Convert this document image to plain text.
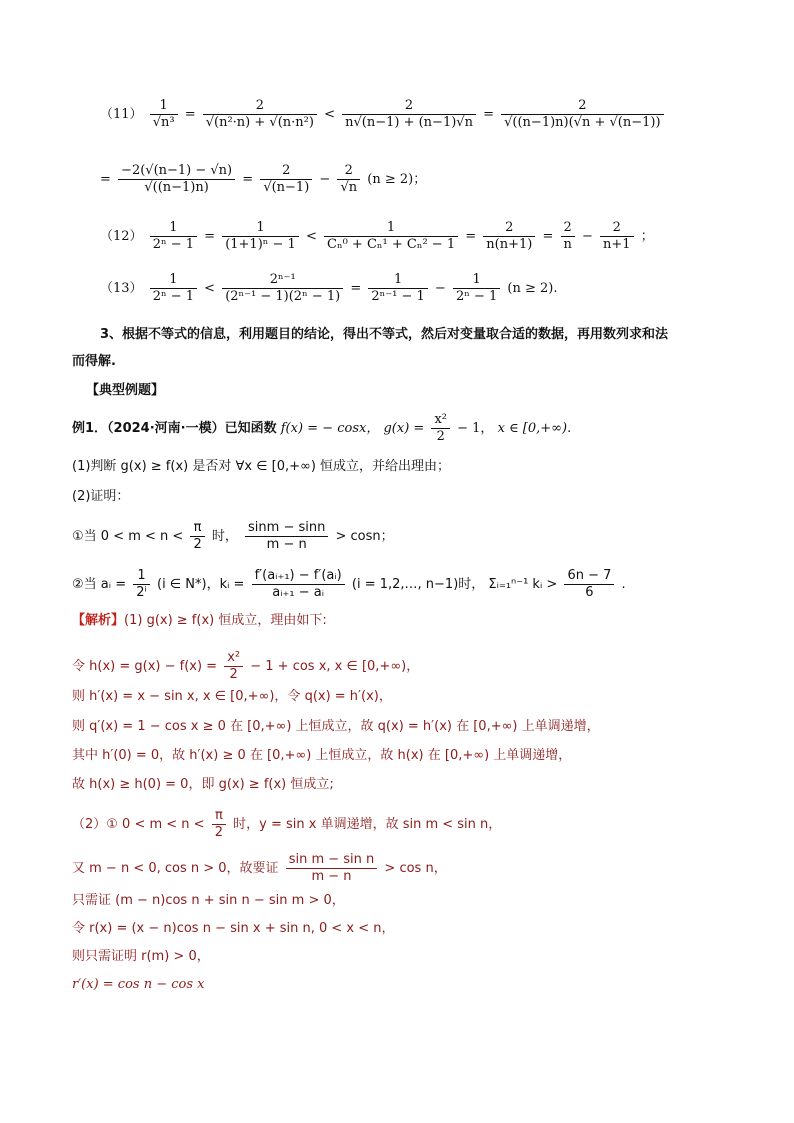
$(11) \frac{1}{\text{√n³}} = \frac{2}{\text{√(n²·n) + √(n·n²)}} < \frac{2}{n√(n-1) + (n-1)√n} = \frac{2}{√((n-1)n)(√n + √(n-1))}$
= $\frac{-2(√(n-1) - √n)}{√((n-1)n)} = \frac{2}{√(n-1)} - \frac{2}{√n} (n \ge 2)$；
$(12) \frac{1}{\text{2ⁿ − 1}} = \frac{1}{\text{(1+1)ⁿ − 1}} < \frac{1}{\text{Cₙ⁰ + Cₙ¹ + Cₙ² − 1}} = \frac{2}{n(n+1)} = \frac{2}{n} - \frac{2}{n+1}$ ；
$(13) \frac{1}{\text{2ⁿ − 1}} < \frac{\text{2ⁿ⁻¹}}{\text{(2ⁿ⁻¹ − 1)(2ⁿ − 1)}} = \frac{1}{\text{2ⁿ⁻¹ − 1}} - \frac{1}{\text{2ⁿ − 1}} (n \ge 2)$.
3、根据不等式的信息，利用题目的结论，得出不等式，然后对变量取合适的数据，再用数列求和法
而得解.
【典型例题】
例1．（2024·河南·一模）已知函数 f(x) = − cosx， $g(x) = \frac{\text{x²}}{2} - 1$， x ∈ [0,+∞).
(1)判断 g(x) ≥ f(x) 是否对 ∀x ∈ [0,+∞) 恒成立，并给出理由；
(2)证明：
①当 $0 < m < n < \frac{\pi}{2}$ 时， $\frac{\sin m - \sin n}{m - n} > \cos n$；
②当 aᵢ = $\frac{1}{\text{2ⁱ}} (i$ ∈ N*)，kᵢ = $\frac{\text{f′(aᵢ₊₁) − f′(aᵢ)}}{\text{aᵢ₊₁ − aᵢ}} (i$ = 1,2,…, n−1)时， Σᵢ₌₁ⁿ⁻¹ kᵢ > $\frac{6n - 7}{6}$ .
【解析】(1) g(x) ≥ f(x) 恒成立，理由如下:
令 $h(x) = g(x) - f(x) = \frac{\text{x²}}{2} - 1 + \cos x$, x ∈ [0,+∞)，
则 h′(x) = x − sin x, x ∈ [0,+∞)，令 q(x) = h′(x)，
则 q′(x) = 1 − cos x ≥ 0 在 [0,+∞) 上恒成立，故 q(x) = h′(x) 在 [0,+∞) 上单调递增，
其中 h′(0) = 0，故 h′(x) ≥ 0 在 [0,+∞) 上恒成立，故 h(x) 在 [0,+∞) 上单调递增，
故 h(x) ≥ h(0) = 0，即 g(x) ≥ f(x) 恒成立;
（2）① $0 < m < n < \frac{\pi}{2}$ 时，y = sin x 单调递增，故 sin m < sin n，
又 m − n < 0, cos n > 0，故要证 $\frac{\text{sin m − sin n}}{m - n} > \cos n$，
只需证 (m − n)cos n + sin n − sin m > 0，
令 r(x) = (x − n)cos n − sin x + sin n, 0 < x < n，
则只需证明 r(m) > 0，
r′(x) = cos n − cos x
